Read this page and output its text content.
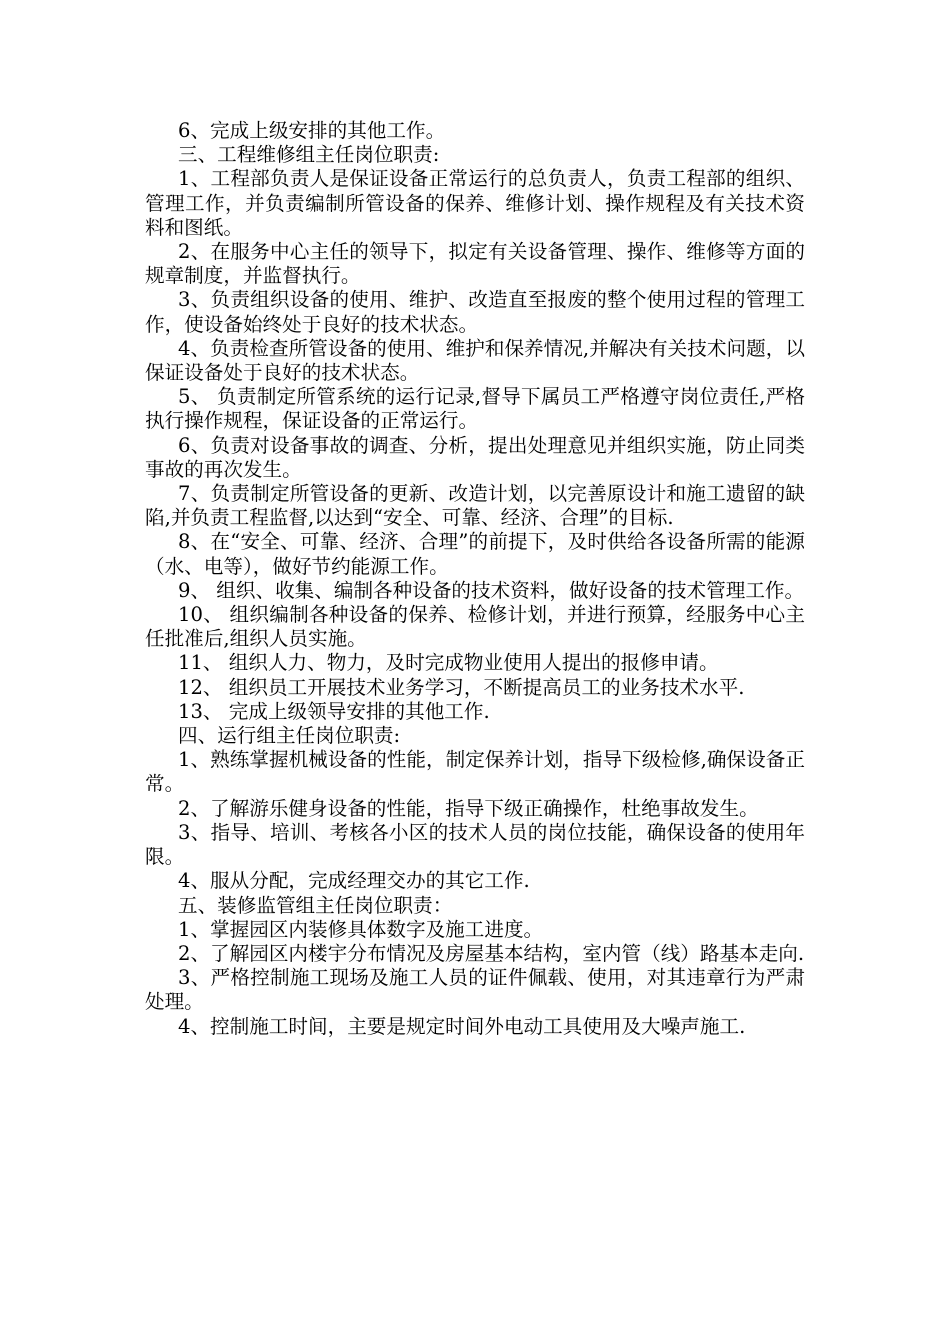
6、完成上级安排的其他工作。

三、工程维修组主任岗位职责:

1、工程部负责人是保证设备正常运行的总负责人，负责工程部的组织、管理工作，并负责编制所管设备的保养、维修计划、操作规程及有关技术资料和图纸。

2、在服务中心主任的领导下，拟定有关设备管理、操作、维修等方面的规章制度，并监督执行。

3、负责组织设备的使用、维护、改造直至报废的整个使用过程的管理工作，使设备始终处于良好的技术状态。

4、负责检查所管设备的使用、维护和保养情况,并解决有关技术问题，以保证设备处于良好的技术状态。

5、 负责制定所管系统的运行记录,督导下属员工严格遵守岗位责任,严格执行操作规程，保证设备的正常运行。

6、负责对设备事故的调查、分析，提出处理意见并组织实施，防止同类事故的再次发生。

7、负责制定所管设备的更新、改造计划，以完善原设计和施工遗留的缺陷,并负责工程监督,以达到“安全、可靠、经济、合理”的目标.

8、在“安全、可靠、经济、合理”的前提下，及时供给各设备所需的能源（水、电等），做好节约能源工作。

9、 组织、收集、编制各种设备的技术资料，做好设备的技术管理工作。

10、 组织编制各种设备的保养、检修计划，并进行预算，经服务中心主任批准后,组织人员实施。

11、 组织人力、物力，及时完成物业使用人提出的报修申请。

12、 组织员工开展技术业务学习，不断提高员工的业务技术水平.

13、 完成上级领导安排的其他工作.

四、运行组主任岗位职责:

1、熟练掌握机械设备的性能，制定保养计划，指导下级检修,确保设备正常。

2、了解游乐健身设备的性能，指导下级正确操作，杜绝事故发生。

3、指导、培训、考核各小区的技术人员的岗位技能，确保设备的使用年限。

4、服从分配，完成经理交办的其它工作.

五、装修监管组主任岗位职责：

1、掌握园区内装修具体数字及施工进度。

2、了解园区内楼宇分布情况及房屋基本结构，室内管（线）路基本走向.

3、严格控制施工现场及施工人员的证件佩载、使用，对其违章行为严肃处理。

4、控制施工时间，主要是规定时间外电动工具使用及大噪声施工.
